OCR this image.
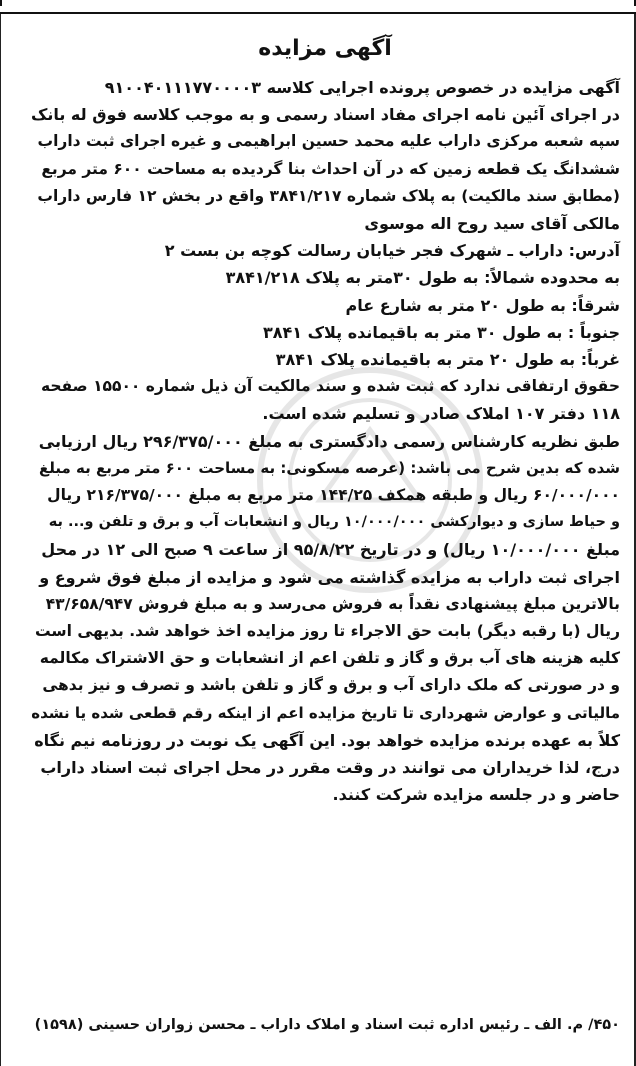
آگهی مزایده
آگهی مزایده در خصوص پرونده اجرایی کلاسه ۹۱۰۰۴۰۱۱۱۷۷۰۰۰۰۳
در اجرای آئین نامه اجرای مفاد اسناد رسمی و به موجب کلاسه فوق له بانک
سپه شعبه مرکزی داراب علیه محمد حسین ابراهیمی و غیره اجرای ثبت داراب
ششدانگ یک قطعه زمین که در آن احداث بنا گردیده به مساحت ۶۰۰ متر مربع
(مطابق سند مالکیت) به پلاک شماره ۳۸۴۱/۲۱۷ واقع در بخش ۱۲ فارس داراب
مالکی آقای سید روح اله موسوی
آدرس: داراب ـ شهرک فجر خیابان رسالت کوچه بن بست ۲
به محدوده شمالاً: به طول ۳۰متر به پلاک ۳۸۴۱/۲۱۸
شرقاً: به طول ۲۰ متر به شارع عام
جنوباً : به طول ۳۰ متر به باقیمانده پلاک ۳۸۴۱
غرباً: به طول ۲۰ متر به باقیمانده پلاک ۳۸۴۱
حقوق ارتفاقی ندارد که ثبت شده و سند مالکیت آن ذیل شماره ۱۵۵۰۰ صفحه
۱۱۸ دفتر ۱۰۷ املاک صادر و تسلیم شده است.
طبق نظریه کارشناس رسمی دادگستری به مبلغ ۲۹۶/۳۷۵/۰۰۰ ریال ارزیابی
شده که بدین شرح می باشد: (عرصه مسکونی: به مساحت ۶۰۰ متر مربع به مبلغ
۶۰/۰۰۰/۰۰۰ ریال و طبقه همکف ۱۴۴/۲۵ متر مربع به مبلغ ۲۱۶/۳۷۵/۰۰۰ ریال
و حیاط سازی و دیوارکشی ۱۰/۰۰۰/۰۰۰ ریال و انشعابات آب و برق و تلفن و... به
مبلغ ۱۰/۰۰۰/۰۰۰ ریال) و در تاریخ ۹۵/۸/۲۲ از ساعت ۹ صبح الی ۱۲ در محل
اجرای ثبت داراب به مزایده گذاشته می شود و مزایده از مبلغ فوق شروع و
بالاترین مبلغ پیشنهادی نقداً به فروش می‌رسد و به مبلغ فروش ۴۳/۶۵۸/۹۴۷
ریال (با رقبه دیگر) بابت حق الاجراء تا روز مزایده اخذ خواهد شد. بدیهی است
کلیه هزینه های آب برق و گاز و تلفن اعم از انشعابات و حق الاشتراک مکالمه
و در صورتی که ملک دارای آب و برق و گاز و تلفن باشد و تصرف و نیز بدهی
مالیاتی و عوارض شهرداری تا تاریخ مزایده اعم از اینکه رقم قطعی شده یا نشده
کلاً به عهده برنده مزایده خواهد بود. این آگهی یک نوبت در روزنامه نیم نگاه
درج، لذا خریداران می توانند در وقت مقرر در محل اجرای ثبت اسناد داراب
حاضر و در جلسه مزایده شرکت کنند.
۴۵۰/ م. الف ـ رئیس اداره ثبت اسناد و املاک داراب ـ محسن زواران حسینی (۱۵۹۸)
